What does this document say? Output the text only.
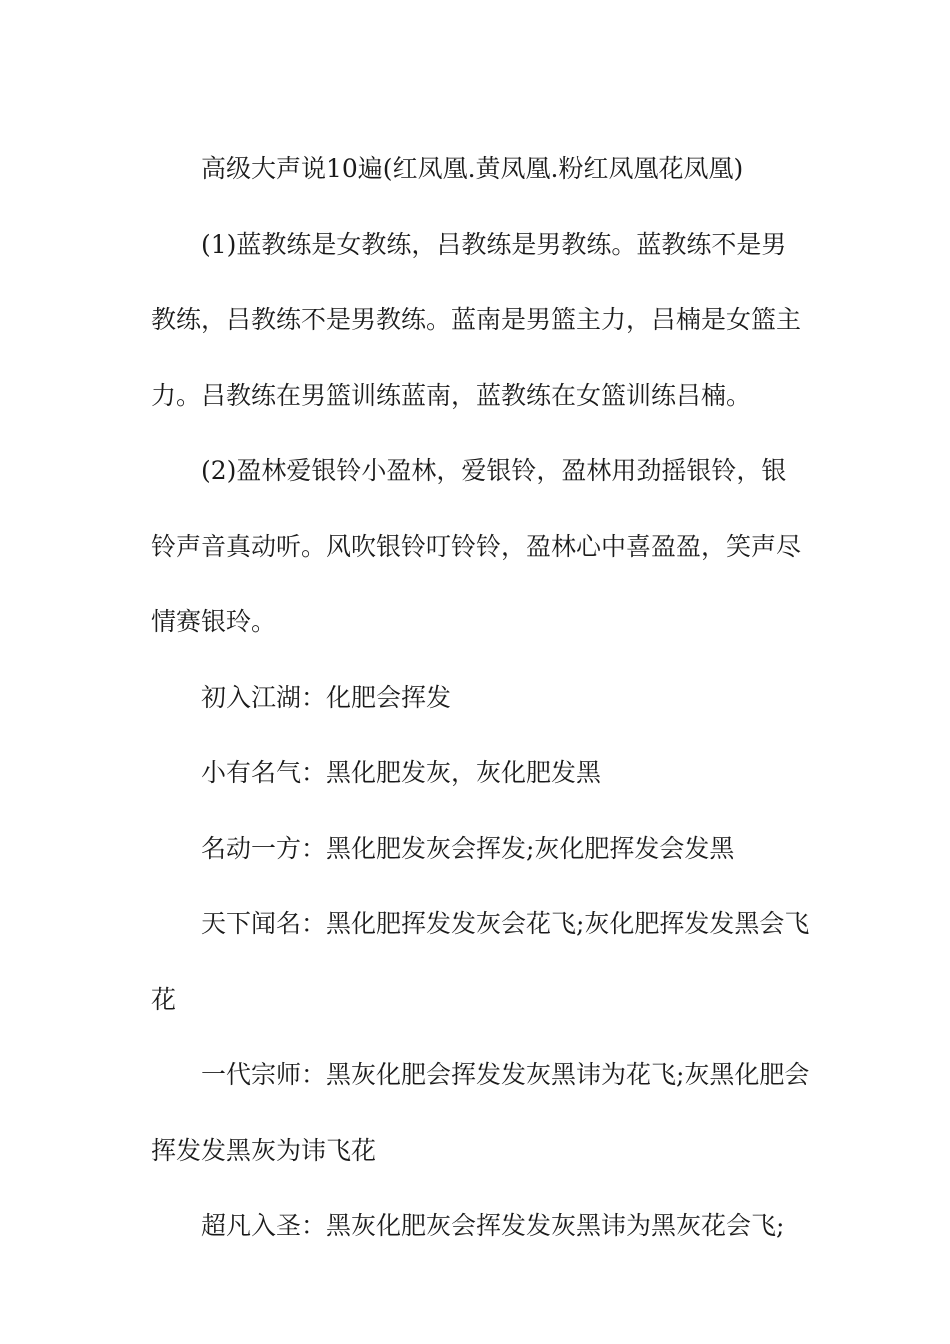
高级大声说10遍(红凤凰.黄凤凰.粉红凤凰花凤凰)

(1)蓝教练是女教练，吕教练是男教练。蓝教练不是男教练，吕教练不是男教练。蓝南是男篮主力，吕楠是女篮主力。吕教练在男篮训练蓝南，蓝教练在女篮训练吕楠。

(2)盈林爱银铃小盈林，爱银铃，盈林用劲摇银铃，银铃声音真动听。风吹银铃叮铃铃，盈林心中喜盈盈，笑声尽情赛银玲。

初入江湖：化肥会挥发

小有名气：黑化肥发灰，灰化肥发黑

名动一方：黑化肥发灰会挥发;灰化肥挥发会发黑

天下闻名：黑化肥挥发发灰会花飞;灰化肥挥发发黑会飞花

一代宗师：黑灰化肥会挥发发灰黑讳为花飞;灰黑化肥会挥发发黑灰为讳飞花

超凡入圣：黑灰化肥灰会挥发发灰黑讳为黑灰花会飞;
